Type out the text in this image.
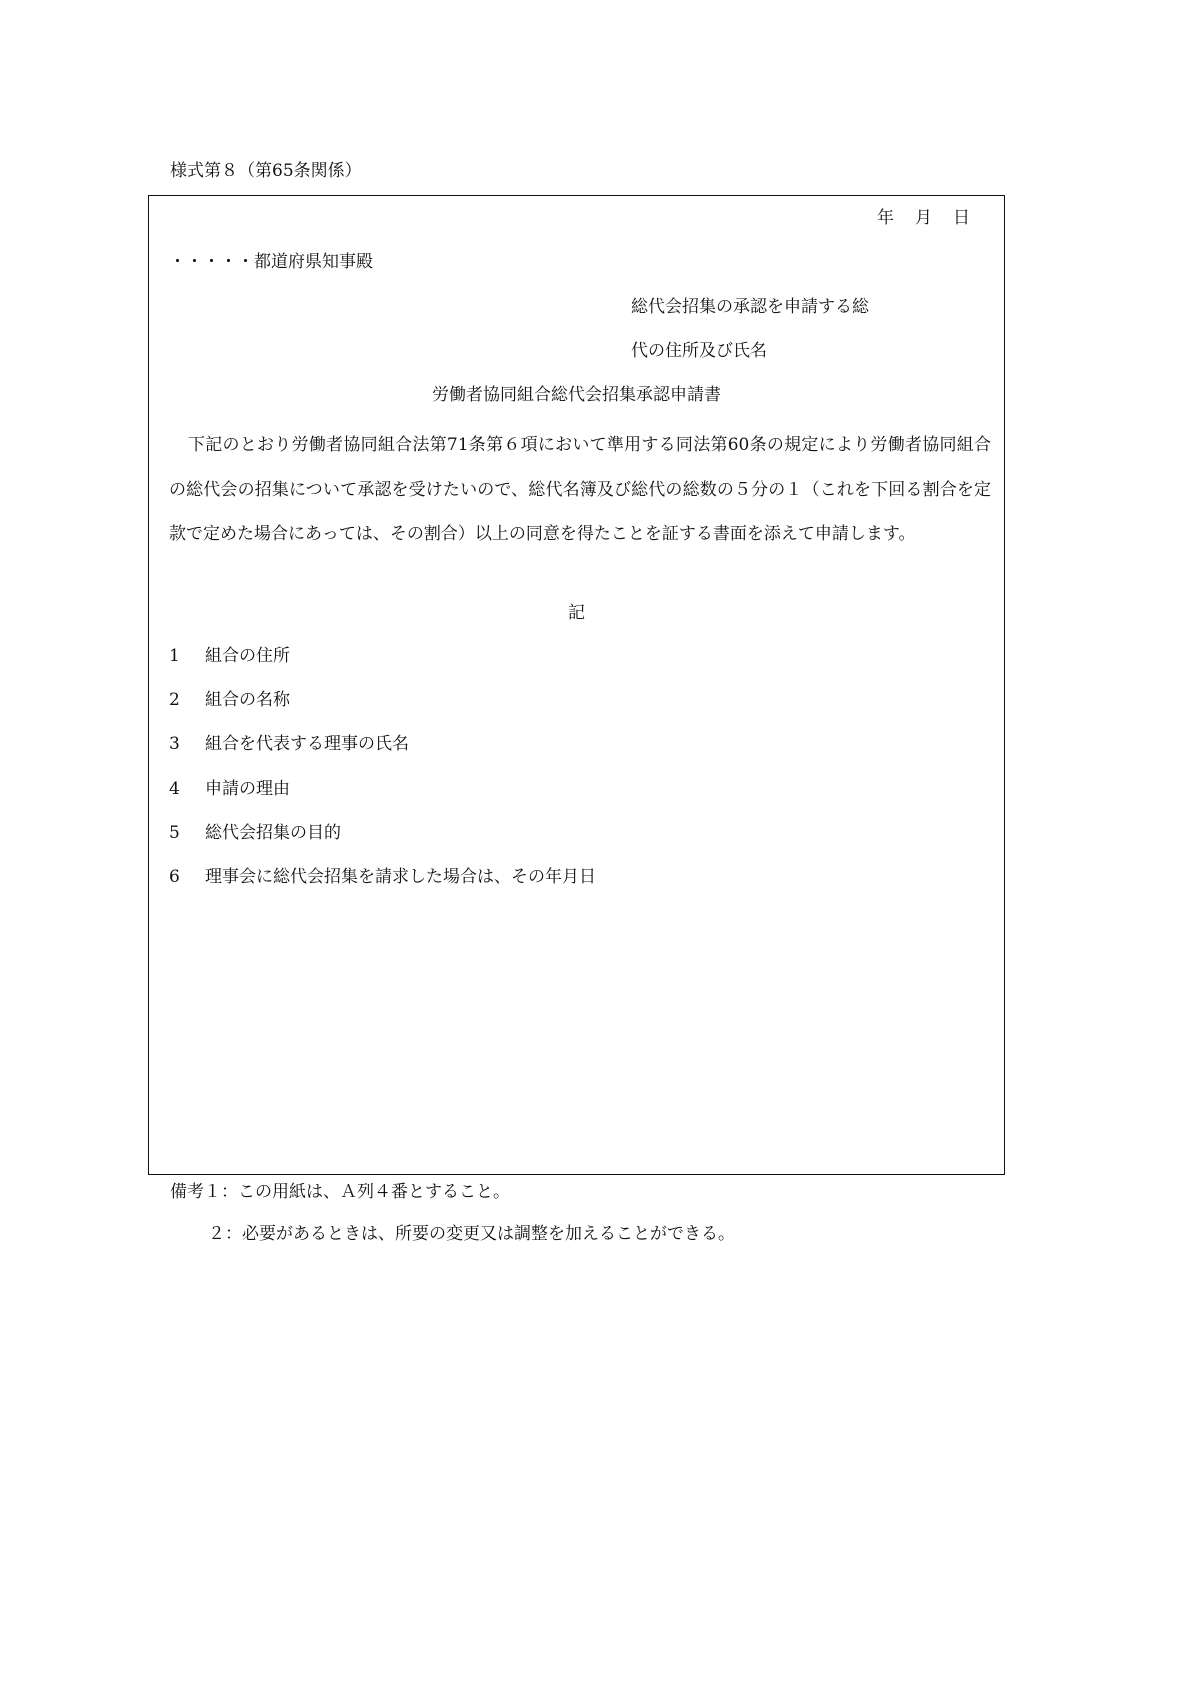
様式第８（第65条関係）
年　月　日
・・・・・都道府県知事殿
総代会招集の承認を申請する総
代の住所及び氏名
労働者協同組合総代会招集承認申請書

下記のとおり労働者協同組合法第71条第６項において準用する同法第60条の規定により労働者協同組合の総代会の招集について承認を受けたいので、総代名簿及び総代の総数の５分の１（これを下回る割合を定款で定めた場合にあっては、その割合）以上の同意を得たことを証する書面を添えて申請します。

記
1 組合の住所
2 組合の名称
3 組合を代表する理事の氏名
4 申請の理由
5 総代会招集の目的
6 理事会に総代会招集を請求した場合は、その年月日
備考１：この用紙は、Ａ列４番とすること。
２：必要があるときは、所要の変更又は調整を加えることができる。
